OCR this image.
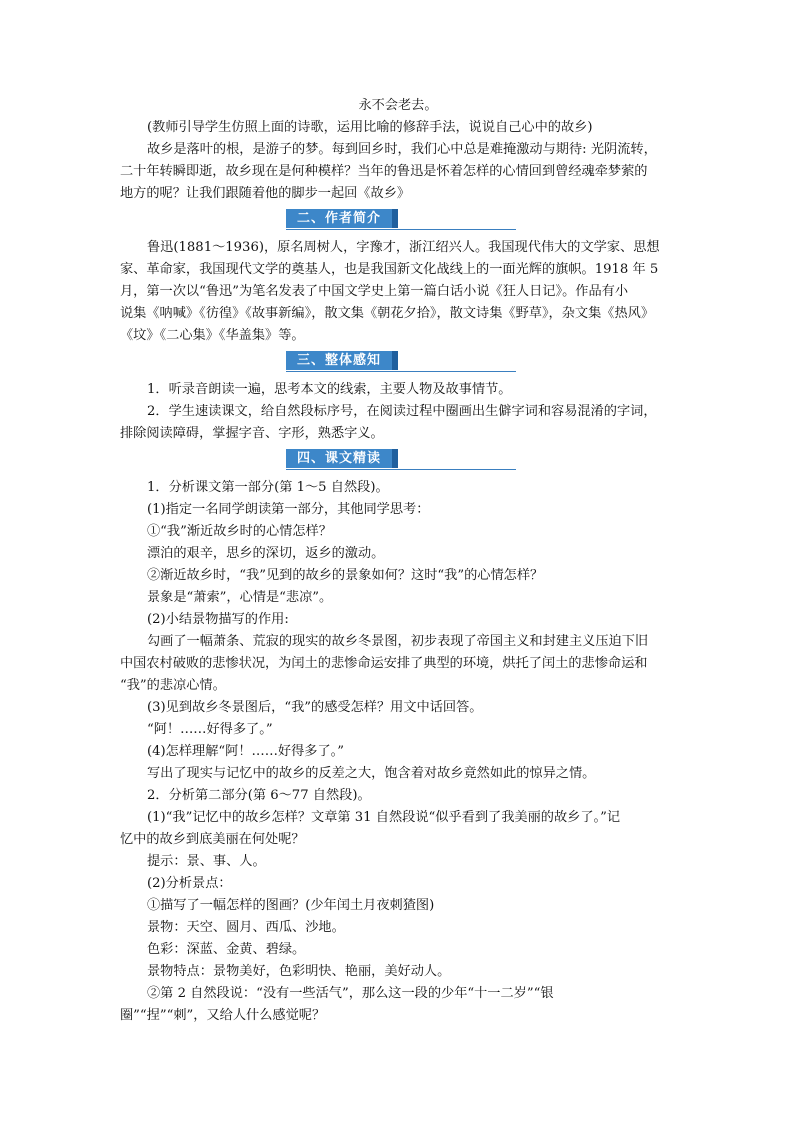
永不会老去。
(教师引导学生仿照上面的诗歌，运用比喻的修辞手法，说说自己心中的故乡)
故乡是落叶的根，是游子的梦。每到回乡时，我们心中总是难掩激动与期待: 光阴流转，
二十年转瞬即逝，故乡现在是何种模样？当年的鲁迅是怀着怎样的心情回到曾经魂牵梦萦的
地方的呢？让我们跟随着他的脚步一起回《故乡》
二、作者简介
鲁迅(1881～1936)，原名周树人，字豫才，浙江绍兴人。我国现代伟大的文学家、思想
家、革命家，我国现代文学的奠基人，也是我国新文化战线上的一面光辉的旗帜。1918 年 5
月，第一次以“鲁迅”为笔名发表了中国文学史上第一篇白话小说《狂人日记》。作品有小
说集《呐喊》《彷徨》《故事新编》，散文集《朝花夕拾》，散文诗集《野草》，杂文集《热风》
《坟》《二心集》《华盖集》等。
三、整体感知
1．听录音朗读一遍，思考本文的线索，主要人物及故事情节。
2．学生速读课文，给自然段标序号，在阅读过程中圈画出生僻字词和容易混淆的字词，
排除阅读障碍，掌握字音、字形，熟悉字义。
四、课文精读
1．分析课文第一部分(第 1～5 自然段)。
(1)指定一名同学朗读第一部分，其他同学思考：
①“我”渐近故乡时的心情怎样？
漂泊的艰辛，思乡的深切，返乡的激动。
②渐近故乡时，“我”见到的故乡的景象如何？这时“我”的心情怎样？
景象是“萧索”，心情是“悲凉”。
(2)小结景物描写的作用:
勾画了一幅萧条、荒寂的现实的故乡冬景图，初步表现了帝国主义和封建主义压迫下旧
中国农村破败的悲惨状况，为闰土的悲惨命运安排了典型的环境，烘托了闰土的悲惨命运和
“我”的悲凉心情。
(3)见到故乡冬景图后，“我”的感受怎样？用文中话回答。
“阿！……好得多了。”
(4)怎样理解“阿！……好得多了。”
写出了现实与记忆中的故乡的反差之大，饱含着对故乡竟然如此的惊异之情。
2．分析第二部分(第 6～77 自然段)。
(1)“我”记忆中的故乡怎样？文章第 31 自然段说“似乎看到了我美丽的故乡了。”记
忆中的故乡到底美丽在何处呢？
提示：景、事、人。
(2)分析景点：
①描写了一幅怎样的图画？(少年闰土月夜刺猹图)
景物：天空、圆月、西瓜、沙地。
色彩：深蓝、金黄、碧绿。
景物特点：景物美好，色彩明快、艳丽，美好动人。
②第 2 自然段说：“没有一些活气”，那么这一段的少年“十一二岁”“银
圈”“捏”“刺”，又给人什么感觉呢？
